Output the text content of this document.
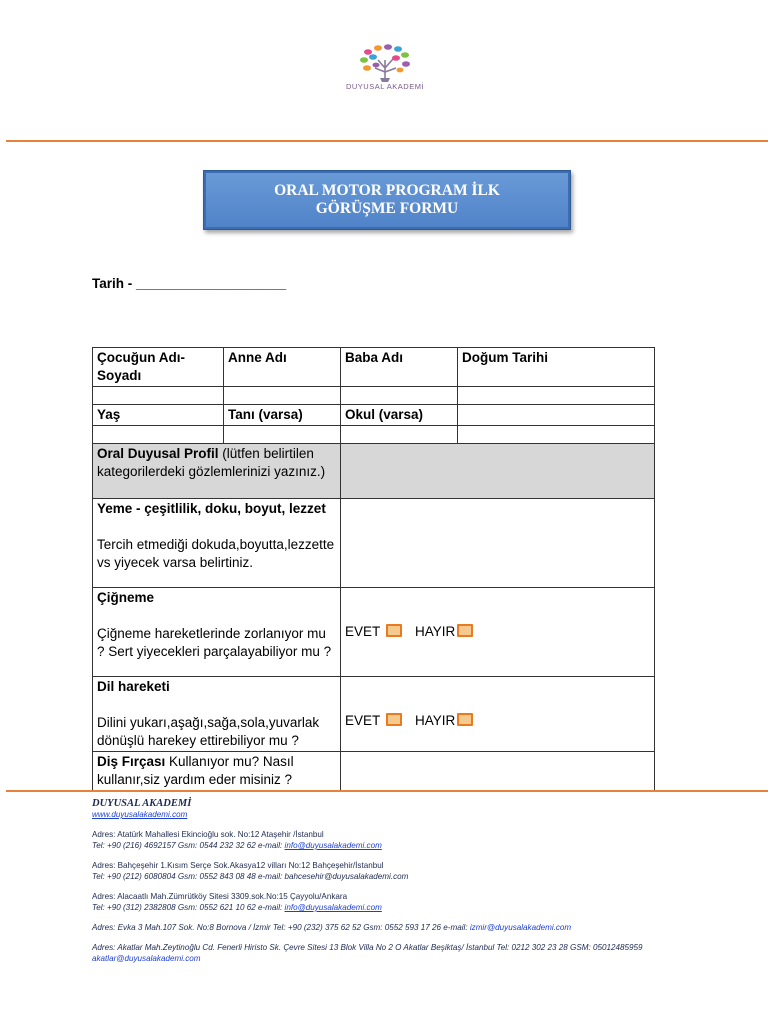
DUYUSAL AKADEMİ
ORAL MOTOR PROGRAM İLK
GÖRÜŞME FORMU
Tarih - ____________________
Çocuğun Adı-Soyadı	Anne Adı	Baba Adı	Doğum Tarihi

Yaş	Tanı (varsa)	Okul (varsa)	

Oral Duyusal Profil (lütfen belirtilen kategorilerdeki gözlemlerinizi yazınız.)			
Yeme - çeşitlilik, doku, boyut, lezzet
Tercih etmediği dokuda,boyutta,lezzette vs yiyecek varsa belirtiniz.			
Çiğneme
Çiğneme hareketlerinde zorlanıyor mu ? Sert yiyecekleri parçalayabiliyor mu ?		EVET HAYIR	

Dil hareketi
Dilini yukarı,aşağı,sağa,sola,yuvarlak dönüşlü harekey ettirebiliyor mu ?		EVET HAYIR	

Diş Fırçası Kullanıyor mu? Nasıl kullanır,siz yardım eder misiniz ?			

DUYUSAL AKADEMİ

www.duyusalakademi.com

Adres: Atatürk Mahallesi Ekincioğlu sok. No:12 Ataşehir /İstanbul

Tel: +90 (216) 4692157 Gsm: 0544 232 32 62 e-mail: info@duyusalakademi.com

Adres: Bahçeşehir 1.Kısım Serçe Sok.Akasya12 vilları No:12 Bahçeşehir/İstanbul

Tel: +90 (212) 6080804 Gsm: 0552 843 08 48 e-mail: bahcesehir@duyusalakademi.com

Adres: Alacaatlı Mah.Zümrütköy Sitesi 3309.sok.No:15 Çayyolu/Ankara

Tel: +90 (312) 2382808 Gsm: 0552 621 10 62 e-mail: info@duyusalakademi.com

Adres: Evka 3 Mah.107 Sok. No:8 Bornova / İzmir Tel: +90 (232) 375 62 52 Gsm: 0552 593 17 26 e-mail: izmir@duyusalakademi.com

Adres: Akatlar Mah.Zeytinoğlu Cd. Fenerli Hiristo Sk. Çevre Sitesi 13 Blok Villa No 2 O Akatlar Beşiktaş/ İstanbul Tel: 0212 302 23 28 GSM: 05012485959

akatlar@duyusalakademi.com
